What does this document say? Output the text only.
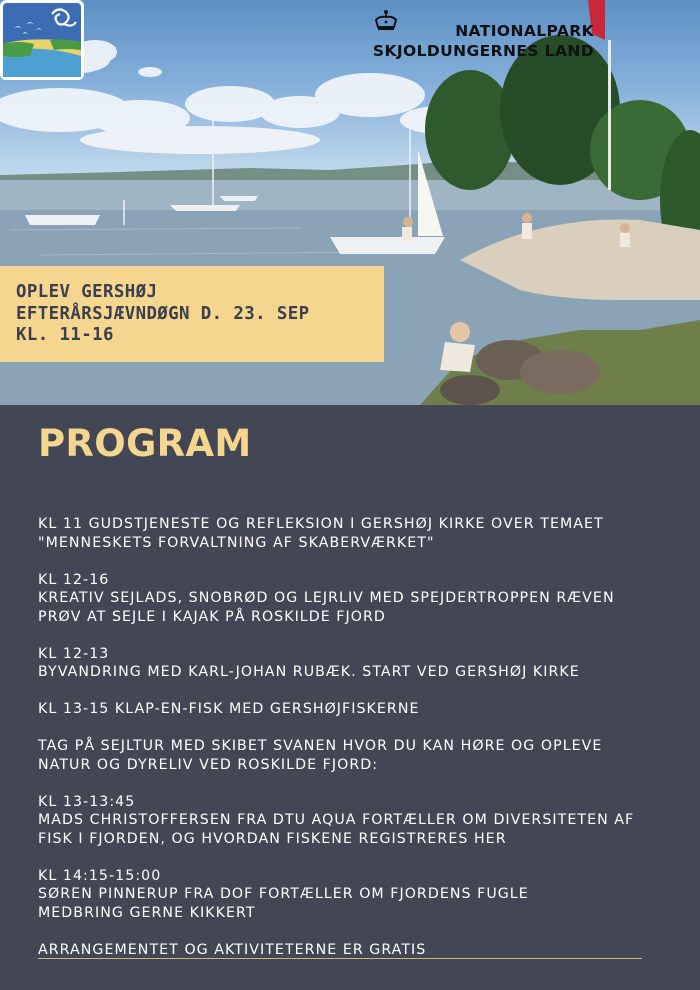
NATIONALPARK
SKJOLDUNGERNES LAND
OPLEV GERSHØJ
EFTERÅRSJÆVNDØGN D. 23. SEP
KL. 11-16
PROGRAM

KL 11 GUDSTJENESTE OG REFLEKSION I GERSHØJ KIRKE OVER TEMAET
"MENNESKETS FORVALTNING AF SKABERVÆRKET"

KL 12-16
KREATIV SEJLADS, SNOBRØD OG LEJRLIV MED SPEJDERTROPPEN RÆVEN
PRØV AT SEJLE I KAJAK PÅ ROSKILDE FJORD

KL 12-13
BYVANDRING MED KARL-JOHAN RUBÆK. START VED GERSHØJ KIRKE

KL 13-15 KLAP-EN-FISK MED GERSHØJFISKERNE

TAG PÅ SEJLTUR MED SKIBET SVANEN HVOR DU KAN HØRE OG OPLEVE
NATUR OG DYRELIV VED ROSKILDE FJORD:

KL 13-13:45
MADS CHRISTOFFERSEN FRA DTU AQUA FORTÆLLER OM DIVERSITETEN AF
FISK I FJORDEN, OG HVORDAN FISKENE REGISTRERES HER

KL 14:15-15:00
SØREN PINNERUP FRA DOF FORTÆLLER OM FJORDENS FUGLE
MEDBRING GERNE KIKKERT

ARRANGEMENTET OG AKTIVITETERNE ER GRATIS
